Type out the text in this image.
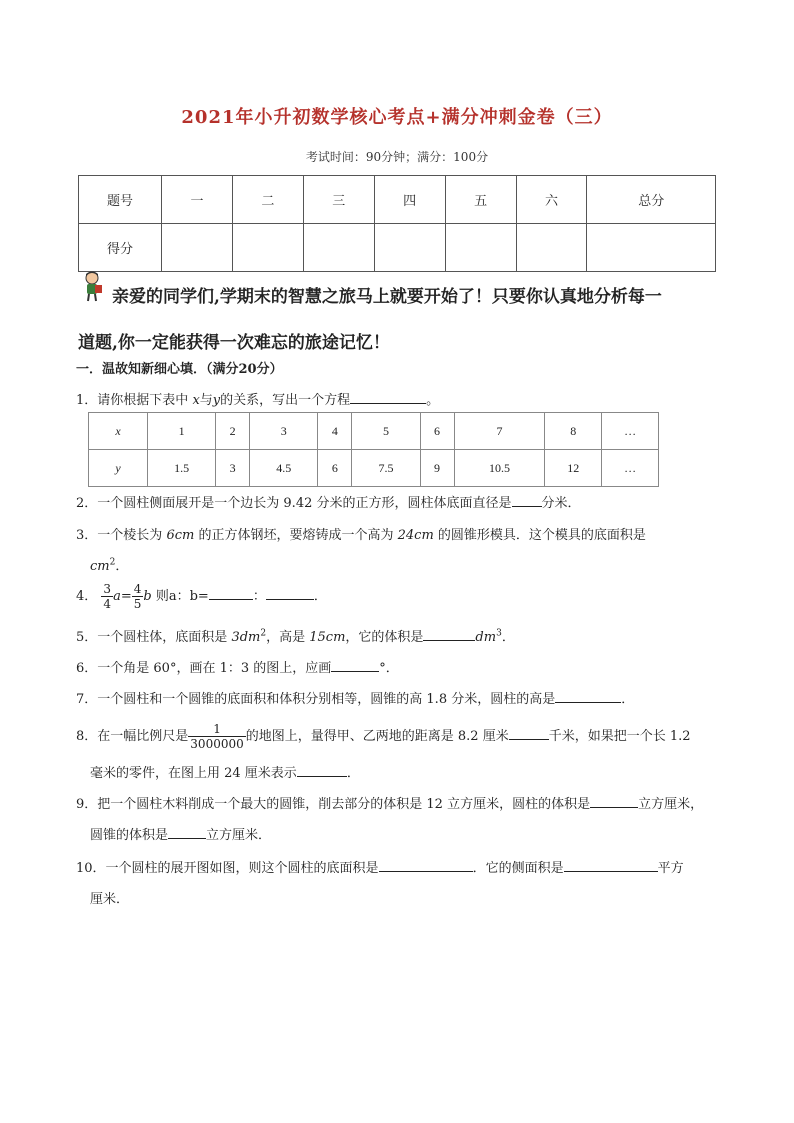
2021年小升初数学核心考点+满分冲刺金卷（三）
考试时间：90分钟；满分：100分
题号	一	二	三	四	五	六	总分
得分							
亲爱的同学们,学期末的智慧之旅马上就要开始了！只要你认真地分析每一
道题,你一定能获得一次难忘的旅途记忆！
一．温故知新细心填．（满分20分）
1．请你根据下表中 x与y的关系，写出一个方程	。
x	1	2	3	4	5	6	7	8	…
y	1.5	3	4.5	6	7.5	9	10.5	12	…
2．一个圆柱侧面展开是一个边长为 9.42 分米的正方形，圆柱体底面直径是 分米．
3．一个棱长为 6cm 的正方体钢坯，要熔铸成一个高为 24cm 的圆锥形模具．这个模具的底面积是
$cm^2$．
4． $\frac{3}{4} a= \frac{4}{5}$ b 则a：b=	：	．
5．一个圆柱体，底面积是 $3dm^2$，高是 15cm，它的体积是	$dm^3$．
6．一个角是 60°，画在 1：3 的图上，应画	°．
7．一个圆柱和一个圆锥的底面积和体积分别相等，圆锥的高 1.8 分米，圆柱的高是	．
8．在一幅比例尺是 $\frac{1}{3000000}$ 的地图上，量得甲、乙两地的距离是 8.2 厘米	千米，如果把一个长 1.2
毫米的零件，在图上用 24 厘米表示	．
9．把一个圆柱木料削成一个最大的圆锥，削去部分的体积是 12 立方厘米，圆柱的体积是	立方厘米，
圆锥的体积是	立方厘米．
10．一个圆柱的展开图如图，则这个圆柱的底面积是	．它的侧面积是	平方
厘米．
